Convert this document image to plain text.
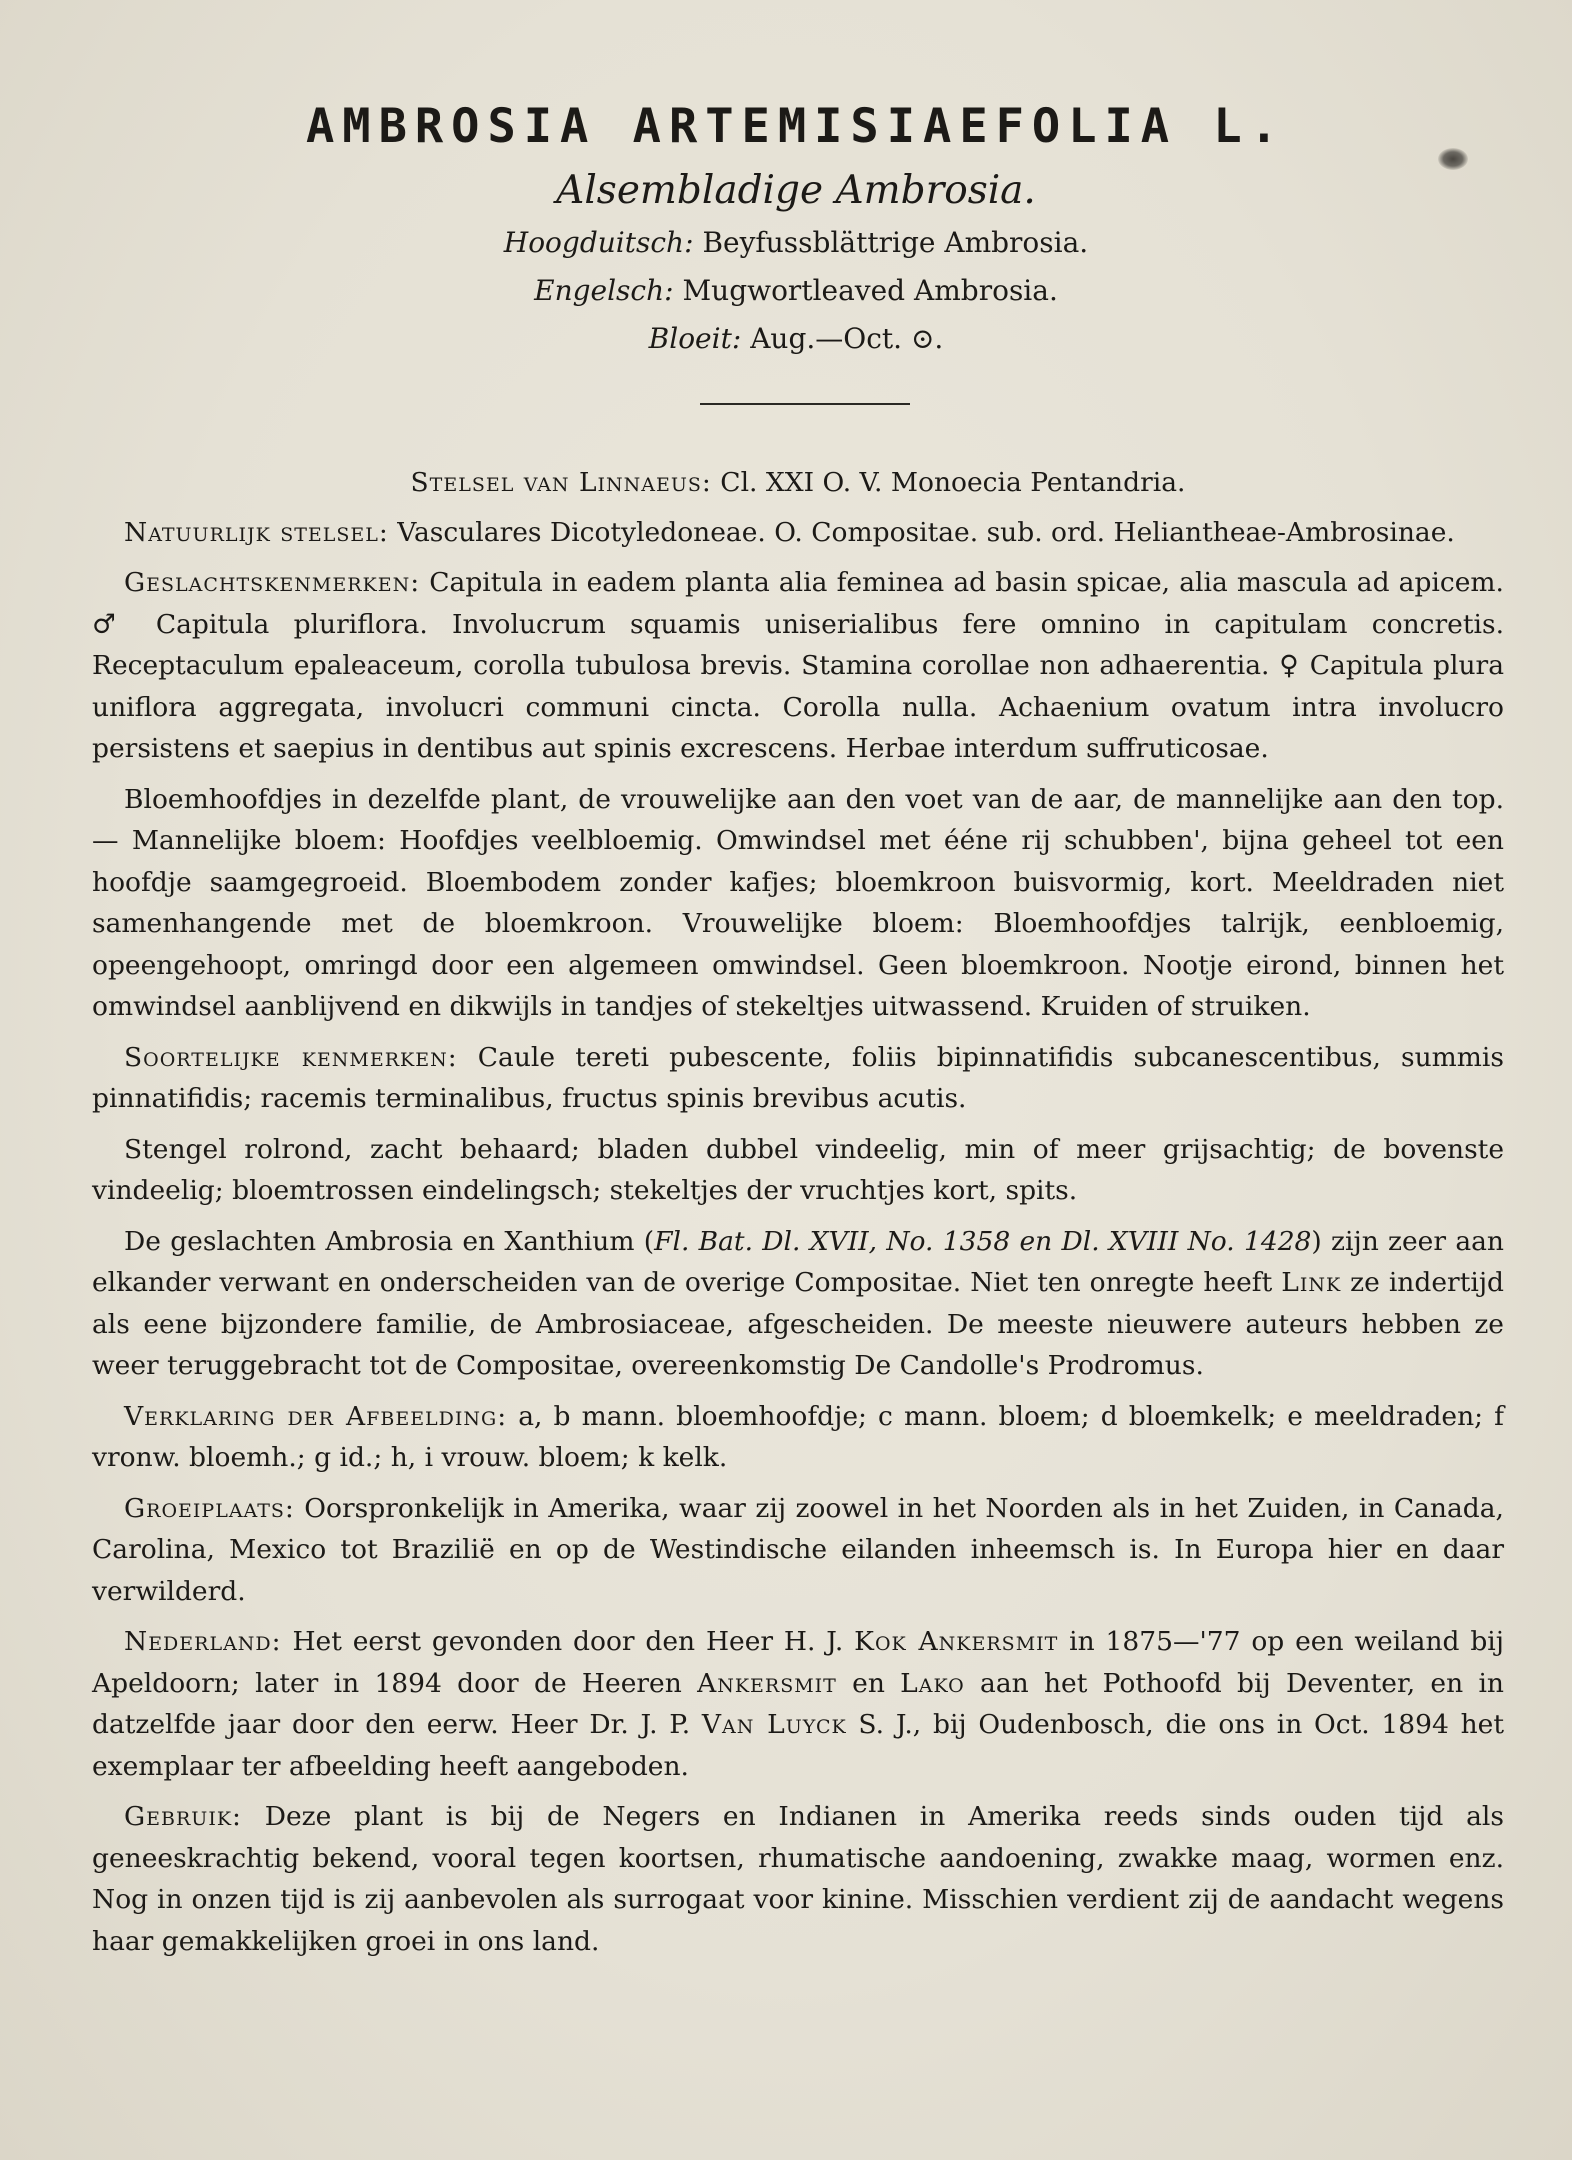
AMBROSIA ARTEMISIAEFOLIA L.
Alsembladige Ambrosia.
Hoogduitsch: Beyfussblättrige Ambrosia.
Engelsch: Mugwortleaved Ambrosia.
Bloeit: Aug.—Oct. ⊙.

Stelsel van Linnaeus: Cl. XXI O. V. Monoecia Pentandria.

Natuurlijk stelsel: Vasculares Dicotyledoneae. O. Compositae. sub. ord. Heliantheae-Ambrosinae.

Geslachtskenmerken: Capitula in eadem planta alia feminea ad basin spicae, alia mascula ad apicem. ♂ Capitula pluriflora. Involucrum squamis uniserialibus fere omnino in capitulam concretis. Receptaculum epaleaceum, corolla tubulosa brevis. Stamina corollae non adhaerentia. ♀ Capitula plura uniflora aggregata, involucri communi cincta. Corolla nulla. Achaenium ovatum intra involucro persistens et saepius in dentibus aut spinis excrescens. Herbae interdum suffruticosae.

Bloemhoofdjes in dezelfde plant, de vrouwelijke aan den voet van de aar, de mannelijke aan den top. — Mannelijke bloem: Hoofdjes veelbloemig. Omwindsel met ééne rij schubben', bijna geheel tot een hoofdje saamgegroeid. Bloembodem zonder kafjes; bloemkroon buisvormig, kort. Meeldraden niet samenhangende met de bloemkroon. Vrouwelijke bloem: Bloemhoofdjes talrijk, eenbloemig, opeengehoopt, omringd door een algemeen omwindsel. Geen bloemkroon. Nootje eirond, binnen het omwindsel aanblijvend en dikwijls in tandjes of stekeltjes uitwassend. Kruiden of struiken.

Soortelijke kenmerken: Caule tereti pubescente, foliis bipinnatifidis subcanescentibus, summis pinnatifidis; racemis terminalibus, fructus spinis brevibus acutis.

Stengel rolrond, zacht behaard; bladen dubbel vindeelig, min of meer grijsachtig; de bovenste vindeelig; bloemtrossen eindelingsch; stekeltjes der vruchtjes kort, spits.

De geslachten Ambrosia en Xanthium (Fl. Bat. Dl. XVII, No. 1358 en Dl. XVIII No. 1428) zijn zeer aan elkander verwant en onderscheiden van de overige Compositae. Niet ten onregte heeft Link ze indertijd als eene bijzondere familie, de Ambrosiaceae, afgescheiden. De meeste nieuwere auteurs hebben ze weer teruggebracht tot de Compositae, overeenkomstig De Candolle's Prodromus.

Verklaring der Afbeelding: a, b mann. bloemhoofdje; c mann. bloem; d bloemkelk; e meeldraden; f vronw. bloemh.; g id.; h, i vrouw. bloem; k kelk.

Groeiplaats: Oorspronkelijk in Amerika, waar zij zoowel in het Noorden als in het Zuiden, in Canada, Carolina, Mexico tot Brazilië en op de Westindische eilanden inheemsch is. In Europa hier en daar verwilderd.

Nederland: Het eerst gevonden door den Heer H. J. Kok Ankersmit in 1875—'77 op een weiland bij Apeldoorn; later in 1894 door de Heeren Ankersmit en Lako aan het Pothoofd bij Deventer, en in datzelfde jaar door den eerw. Heer Dr. J. P. Van Luyck S. J., bij Oudenbosch, die ons in Oct. 1894 het exemplaar ter afbeelding heeft aangeboden.

Gebruik: Deze plant is bij de Negers en Indianen in Amerika reeds sinds ouden tijd als geneeskrachtig bekend, vooral tegen koortsen, rhumatische aandoening, zwakke maag, wormen enz. Nog in onzen tijd is zij aanbevolen als surrogaat voor kinine. Misschien verdient zij de aandacht wegens haar gemakkelijken groei in ons land.
